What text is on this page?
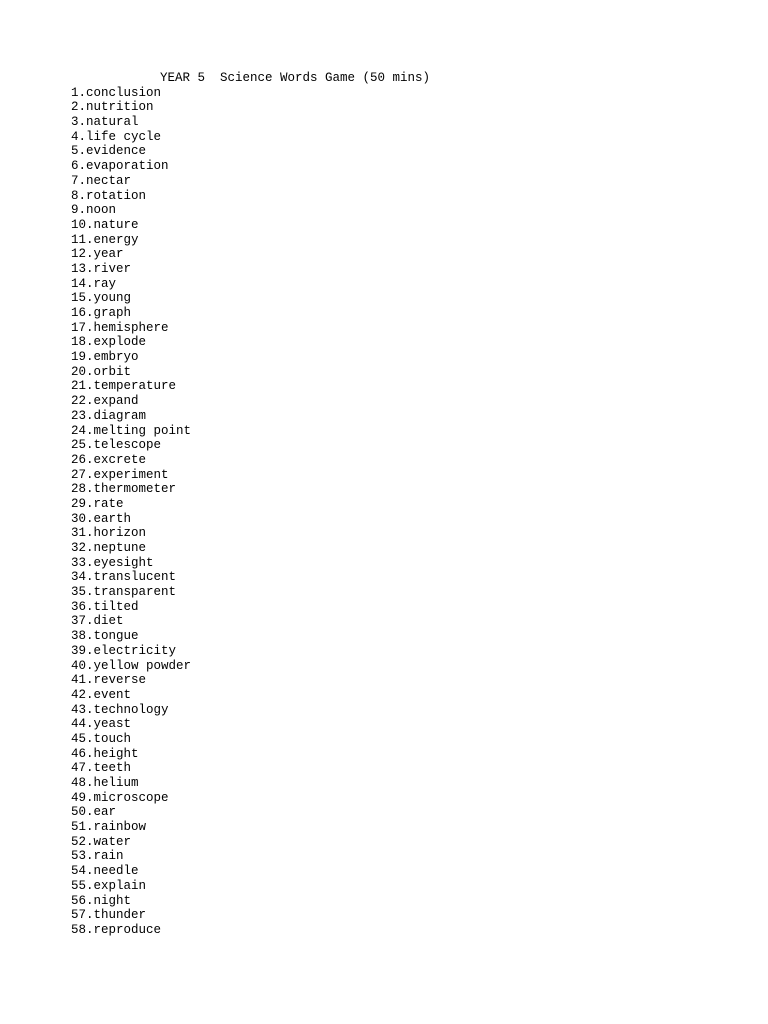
YEAR 5  Science Words Game (50 mins)
1.conclusion
2.nutrition
3.natural
4.life cycle
5.evidence
6.evaporation
7.nectar
8.rotation
9.noon
10.nature
11.energy
12.year
13.river
14.ray
15.young
16.graph
17.hemisphere
18.explode
19.embryo
20.orbit
21.temperature
22.expand
23.diagram
24.melting point
25.telescope
26.excrete
27.experiment
28.thermometer
29.rate
30.earth
31.horizon
32.neptune
33.eyesight
34.translucent
35.transparent
36.tilted
37.diet
38.tongue
39.electricity
40.yellow powder
41.reverse
42.event
43.technology
44.yeast
45.touch
46.height
47.teeth
48.helium
49.microscope
50.ear
51.rainbow
52.water
53.rain
54.needle
55.explain
56.night
57.thunder
58.reproduce
